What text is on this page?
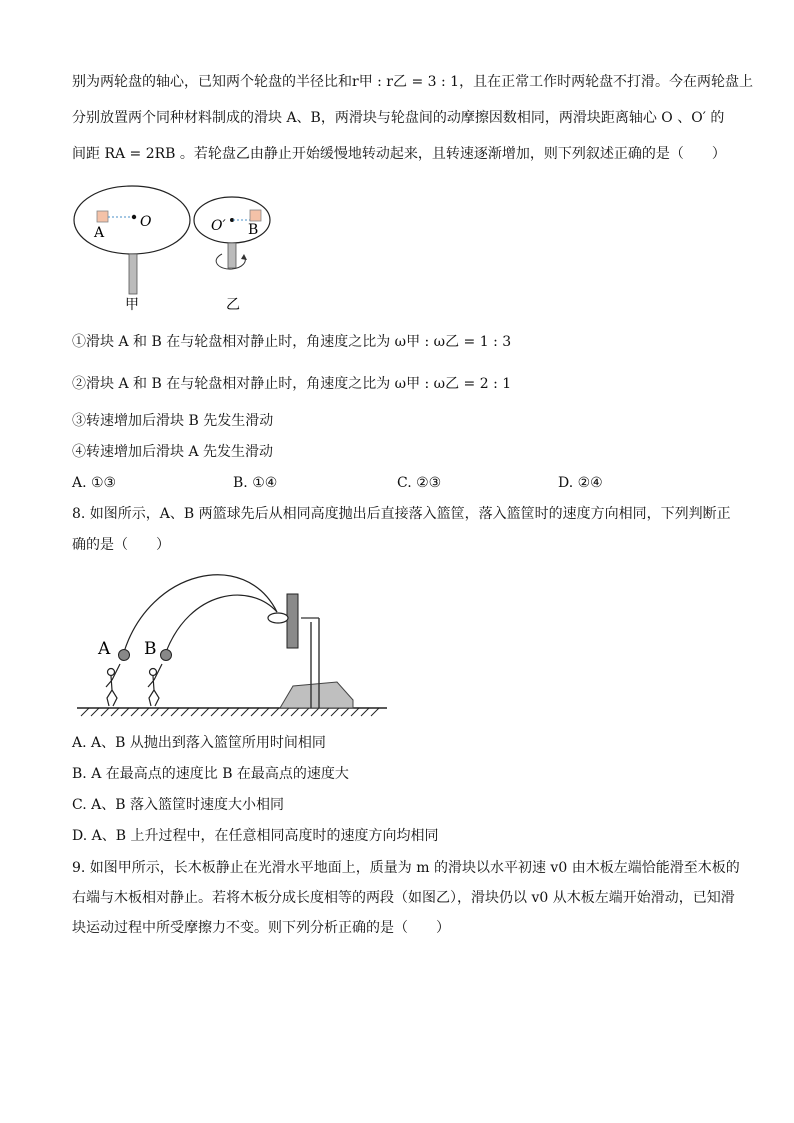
别为两轮盘的轴心，已知两个轮盘的半径比和r甲 : r乙 = 3 : 1，且在正常工作时两轮盘不打滑。今在两轮盘上
分别放置两个同种材料制成的滑块 A、B，两滑块与轮盘间的动摩擦因数相同，两滑块距离轴心 O 、O′ 的
间距 RA = 2RB 。若轮盘乙由静止开始缓慢地转动起来，且转速逐渐增加，则下列叙述正确的是（　　）
A
O
甲
O′ B
乙
①滑块 A 和 B 在与轮盘相对静止时，角速度之比为 ω甲 : ω乙 = 1 : 3
②滑块 A 和 B 在与轮盘相对静止时，角速度之比为 ω甲 : ω乙 = 2 : 1
③转速增加后滑块 B 先发生滑动
④转速增加后滑块 A 先发生滑动
A. ①③	B. ①④	C. ②③	D. ②④
8. 如图所示，A、B 两篮球先后从相同高度抛出后直接落入篮筐，落入篮筐时的速度方向相同，下列判断正
确的是（　　）
A B
A. A、B 从抛出到落入篮筐所用时间相同
B. A 在最高点的速度比 B 在最高点的速度大
C. A、B 落入篮筐时速度大小相同
D. A、B 上升过程中，在任意相同高度时的速度方向均相同
9. 如图甲所示，长木板静止在光滑水平地面上，质量为 m 的滑块以水平初速 v0 由木板左端恰能滑至木板的
右端与木板相对静止。若将木板分成长度相等的两段（如图乙），滑块仍以 v0 从木板左端开始滑动，已知滑
块运动过程中所受摩擦力不变。则下列分析正确的是（　　）
